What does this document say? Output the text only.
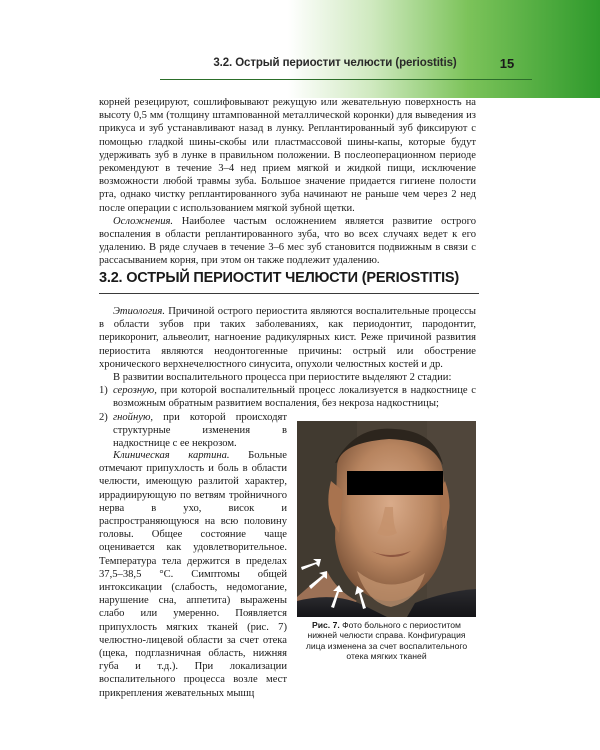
3.2. Острый периостит челюсти (periostitis)	15

корней резецируют, сошлифовывают режущую или жевательную поверхность на высоту 0,5 мм (толщину штампованной металлической коронки) для выведения из прикуса и зуб устанавливают назад в лунку. Реплантированный зуб фиксируют с помощью гладкой шины-скобы или пластмассовой шины-капы, которые будут удерживать зуб в лунке в правильном положении. В послеоперационном периоде рекомендуют в течение 3–4 нед прием мягкой и жидкой пищи, исключение возможности любой травмы зуба. Большое значение придается гигиене полости рта, однако чистку реплантированного зуба начинают не раньше чем через 2 нед после операции с использованием мягкой зубной щетки.

Осложнения. Наиболее частым осложнением является развитие острого воспаления в области реплантированного зуба, что во всех случаях ведет к его удалению. В ряде случаев в течение 3–6 мес зуб становится подвижным в связи с рассасыванием корня, при этом он также подлежит удалению.

3.2. ОСТРЫЙ ПЕРИОСТИТ ЧЕЛЮСТИ (PERIOSTITIS)

Этиология. Причиной острого периостита являются воспалительные процессы в области зубов при таких заболеваниях, как периодонтит, пародонтит, перикоронит, альвеолит, нагноение радикулярных кист. Реже причиной развития периостита являются неодонтогенные причины: острый или обострение хронического верхнечелюстного синусита, опухоли челюстных костей и др.

В развитии воспалительного процесса при периостите выделяют 2 стадии:

1) серозную, при которой воспалительный процесс локализуется в надкостнице с возможным обратным развитием воспаления, без некроза надкостницы;
2) гнойную, при которой происходят структурные изменения в надкостнице с ее некрозом.

Клиническая картина. Больные отмечают припухлость и боль в области челюсти, имеющую разлитой характер, иррадиирующую по ветвям тройничного нерва в ухо, висок и распространяющуюся на всю половину головы. Общее состояние чаще оценивается как удовлетворительное. Температура тела держится в пределах 37,5–38,5 °С. Симптомы общей интоксикации (слабость, недомогание, нарушение сна, аппетита) выражены слабо или умеренно. Появляется припухлость мягких тканей (рис. 7) челюстно-лицевой области за счет отека (щека, подглазничная область, нижняя губа и т.д.). При локализации воспалительного процесса возле мест прикрепления жевательных мышц

Рис. 7. Фото больного с периоститом нижней челюсти справа. Конфигурация лица изменена за счет воспалительного отека мягких тканей
